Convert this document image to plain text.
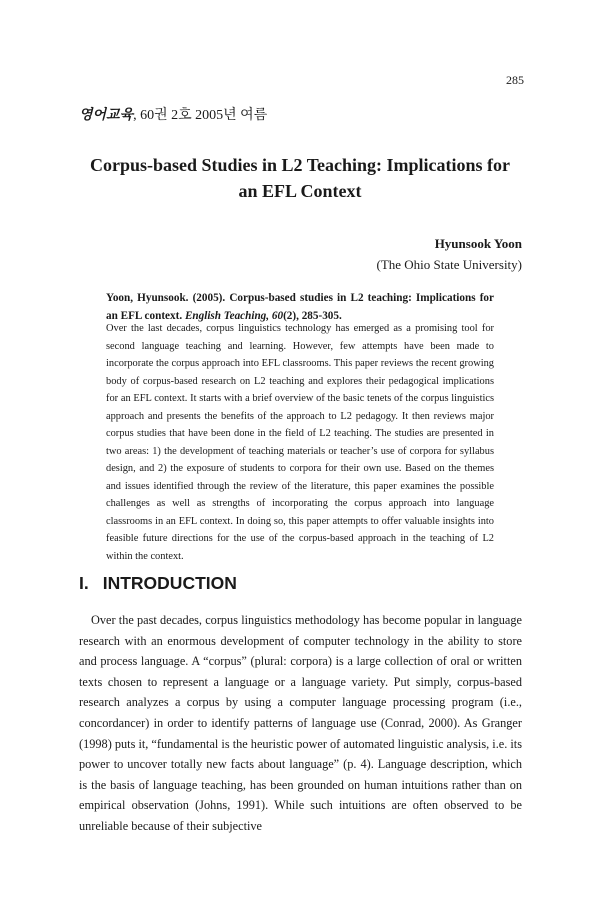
285
영어교육, 60권 2호 2005년 여름
Corpus-based Studies in L2 Teaching: Implications for an EFL Context
Hyunsook Yoon
(The Ohio State University)
Yoon, Hyunsook. (2005). Corpus-based studies in L2 teaching: Implications for an EFL context. English Teaching, 60(2), 285-305.

Over the last decades, corpus linguistics technology has emerged as a promising tool for second language teaching and learning. However, few attempts have been made to incorporate the corpus approach into EFL classrooms. This paper reviews the recent growing body of corpus-based research on L2 teaching and explores their pedagogical implications for an EFL context. It starts with a brief overview of the basic tenets of the corpus linguistics approach and presents the benefits of the approach to L2 pedagogy. It then reviews major corpus studies that have been done in the field of L2 teaching. The studies are presented in two areas: 1) the development of teaching materials or teacher’s use of corpora for syllabus design, and 2) the exposure of students to corpora for their own use. Based on the themes and issues identified through the review of the literature, this paper examines the possible challenges as well as strengths of incorporating the corpus approach into language classrooms in an EFL context. In doing so, this paper attempts to offer valuable insights into feasible future directions for the use of the corpus-based approach in the teaching of L2 within the context.

I. INTRODUCTION

Over the past decades, corpus linguistics methodology has become popular in language research with an enormous development of computer technology in the ability to store and process language. A “corpus” (plural: corpora) is a large collection of oral or written texts chosen to represent a language or a language variety. Put simply, corpus-based research analyzes a corpus by using a computer language processing program (i.e., concordancer) in order to identify patterns of language use (Conrad, 2000). As Granger (1998) puts it, “fundamental is the heuristic power of automated linguistic analysis, i.e. its power to uncover totally new facts about language” (p. 4). Language description, which is the basis of language teaching, has been grounded on human intuitions rather than on empirical observation (Johns, 1991). While such intuitions are often observed to be unreliable because of their subjective
